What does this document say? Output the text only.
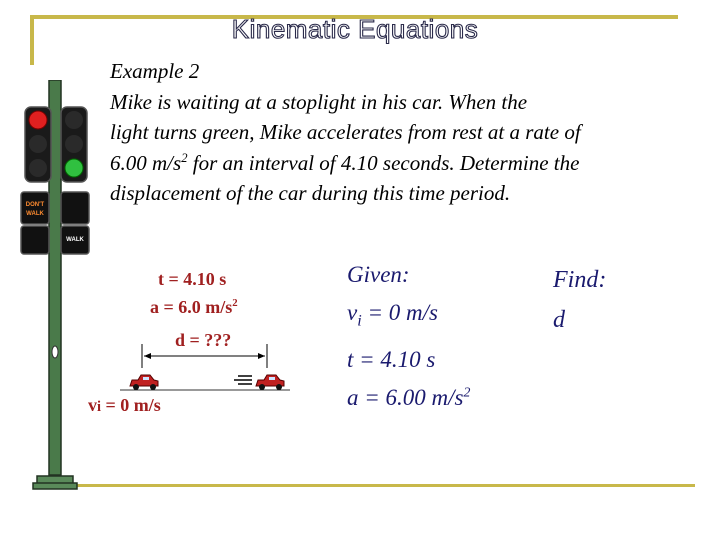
Kinematic Equations
DON'T
WALK
WALK

Example 2

Mike is waiting at a stoplight in his car. When the

light turns green, Mike accelerates from rest at a rate of

6.00 $m/s^2$ for an interval of 4.10 seconds. Determine the

displacement of the car during this time period.

t = 4.10 s
a = 6.0 $m/s^2$
d = ???
vi = 0 m/s
Given:
$v_i = 0$ m/s
t = 4.10 s
a = 6.00 $m/s^2$
Find:
d
